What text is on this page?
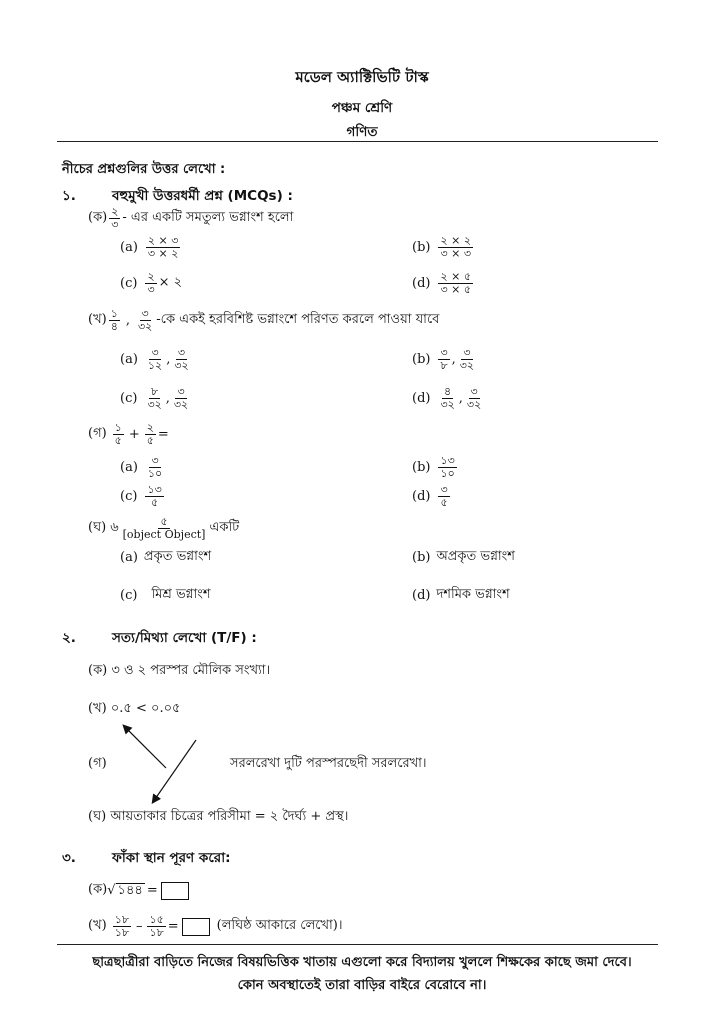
মডেল অ্যাক্টিভিটি টাস্ক
পঞ্চম শ্রেণি
গণিত
নীচের প্রশ্নগুলির উত্তর লেখো :
১.	বহুমুখী উত্তরধর্মী প্রশ্ন (MCQs) :
(ক) ২
৩ - এর একটি সমতুল্য ভগ্নাংশ হলো
(a) ২ × ৩
৩ × ২	(b) ২ × ২
৩ × ৩
(c) ২
৩ × ২	(d) ২ × ৫
৩ × ৫
(খ) ১
৪ , ৩
৩২ -কে একই হরবিশিষ্ট ভগ্নাংশে পরিণত করলে পাওয়া যাবে
(a) ৩
১২ , ৩
৩২	(b) ৩
৮ , ৩
৩২
(c) ৮
৩২ , ৩
৩২	(d) ৪
৩২ , ৩
৩২
(গ) ১
৫ + ২
৫ =
(a) ৩
১০	(b) ১৩
১০
(c) ১৩
৫	(d) ৩
৫
(ঘ) ৬	৫
[object Object] একটি
(a) প্রকৃত ভগ্নাংশ	(b) অপ্রকৃত ভগ্নাংশ
(c) মিশ্র ভগ্নাংশ	(d) দশমিক ভগ্নাংশ
২.	সত্য/মিথ্যা লেখো (T/F) :
(ক) ৩ ও ২ পরস্পর মৌলিক সংখ্যা।
(খ) ০.৫ < ০.০৫
(গ)	সরলরেখা দুটি পরস্পরছেদী সরলরেখা।
(ঘ) আয়তাকার চিত্রের পরিসীমা = ২ দৈর্ঘ্য + প্রস্থ।
৩.	ফাঁকা স্থান পূরণ করো:
(ক) √ ১৪৪ =
(খ) ১৮
১৮ – ১৫
১৮ =	(লঘিষ্ঠ আকারে লেখো)।
ছাত্রছাত্রীরা বাড়িতে নিজের বিষয়ভিত্তিক খাতায় এগুলো করে বিদ্যালয় খুললে শিক্ষকের কাছে জমা দেবে।
কোন অবস্থাতেই তারা বাড়ির বাইরে বেরোবে না।
